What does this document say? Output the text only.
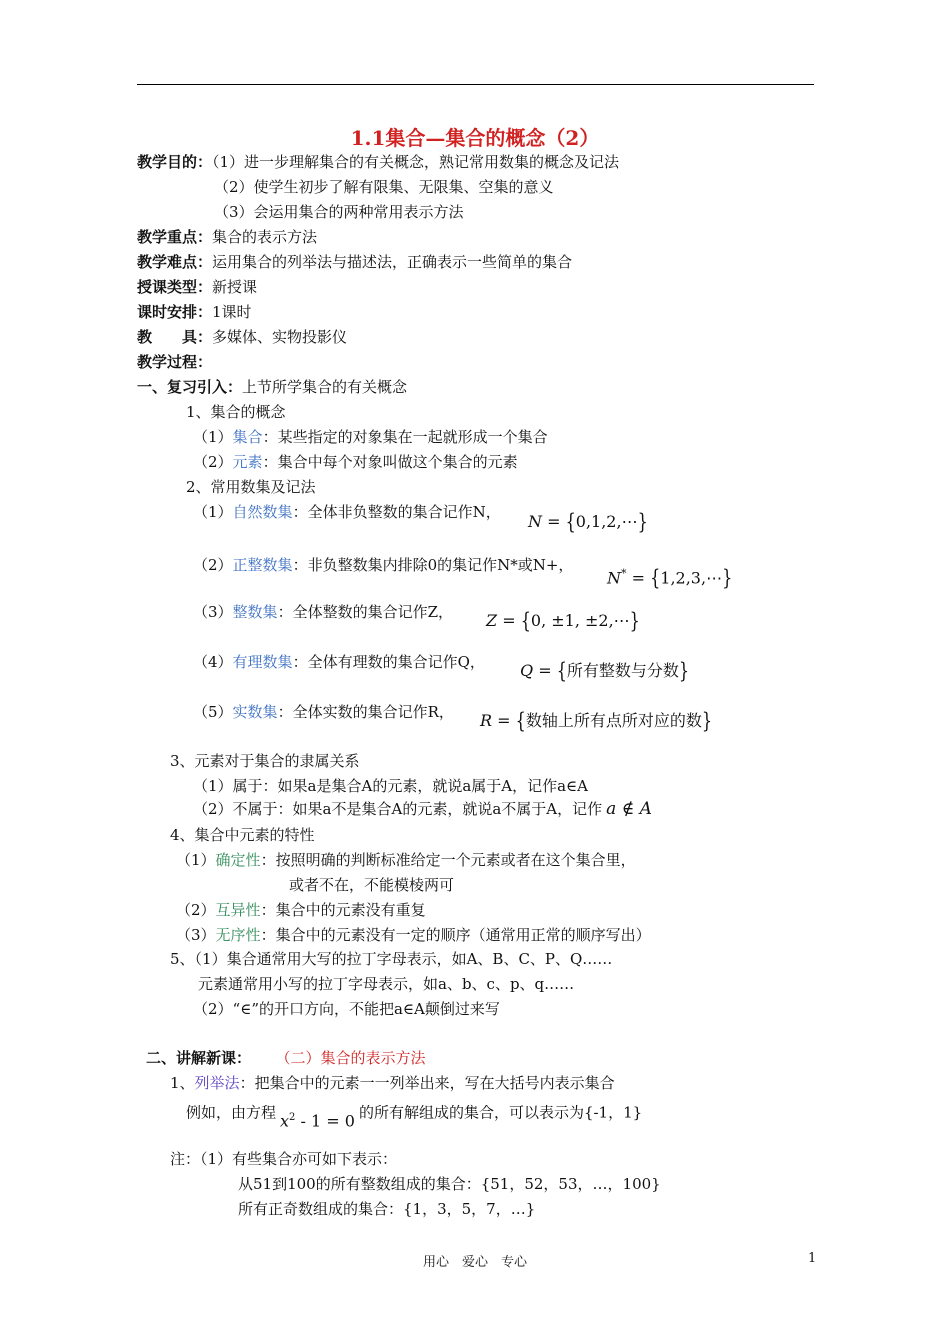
1.1集合—集合的概念（2）
教学目的：（1）进一步理解集合的有关概念，熟记常用数集的概念及记法
（2）使学生初步了解有限集、无限集、空集的意义
（3）会运用集合的两种常用表示方法
教学重点：集合的表示方法
教学难点：运用集合的列举法与描述法，正确表示一些简单的集合
授课类型：新授课
课时安排：1课时
教　　具：多媒体、实物投影仪
教学过程：
一、复习引入：上节所学集合的有关概念
1、集合的概念
（1）集合：某些指定的对象集在一起就形成一个集合
（2）元素：集合中每个对象叫做这个集合的元素
2、常用数集及记法
（1）自然数集：全体非负整数的集合记作N， N = {0,1,2,⋯}
（2）正整数集：非负整数集内排除0的集记作N*或N+，
N* = {1,2,3,⋯}
（3）整数集：全体整数的集合记作Z， Z = {0, ±1, ±2,⋯}
（4）有理数集：全体有理数的集合记作Q， Q = {所有整数与分数}
（5）实数集：全体实数的集合记作R， R = {数轴上所有点所对应的数}
3、元素对于集合的隶属关系
（1）属于：如果a是集合A的元素，就说a属于A，记作a∈A
（2）不属于：如果a不是集合A的元素，就说a不属于A，记作 a ∉ A
4、集合中元素的特性
（1）确定性：按照明确的判断标准给定一个元素或者在这个集合里，
或者不在，不能模棱两可
（2）互异性：集合中的元素没有重复
（3）无序性：集合中的元素没有一定的顺序（通常用正常的顺序写出）
5、（1）集合通常用大写的拉丁字母表示，如A、B、C、P、Q……
元素通常用小写的拉丁字母表示，如a、b、c、p、q……
（2）“∈”的开口方向，不能把a∈A颠倒过来写
二、讲解新课： （二）集合的表示方法
1、列举法：把集合中的元素一一列举出来，写在大括号内表示集合
例如，由方程 $x^2 - 1 = 0$ 的所有解组成的集合，可以表示为{-1，1}
注：（1）有些集合亦可如下表示：
从51到100的所有整数组成的集合：{51，52，53，…，100}
所有正奇数组成的集合：{1，3，5，7，…}
用心　爱心　专心	1
